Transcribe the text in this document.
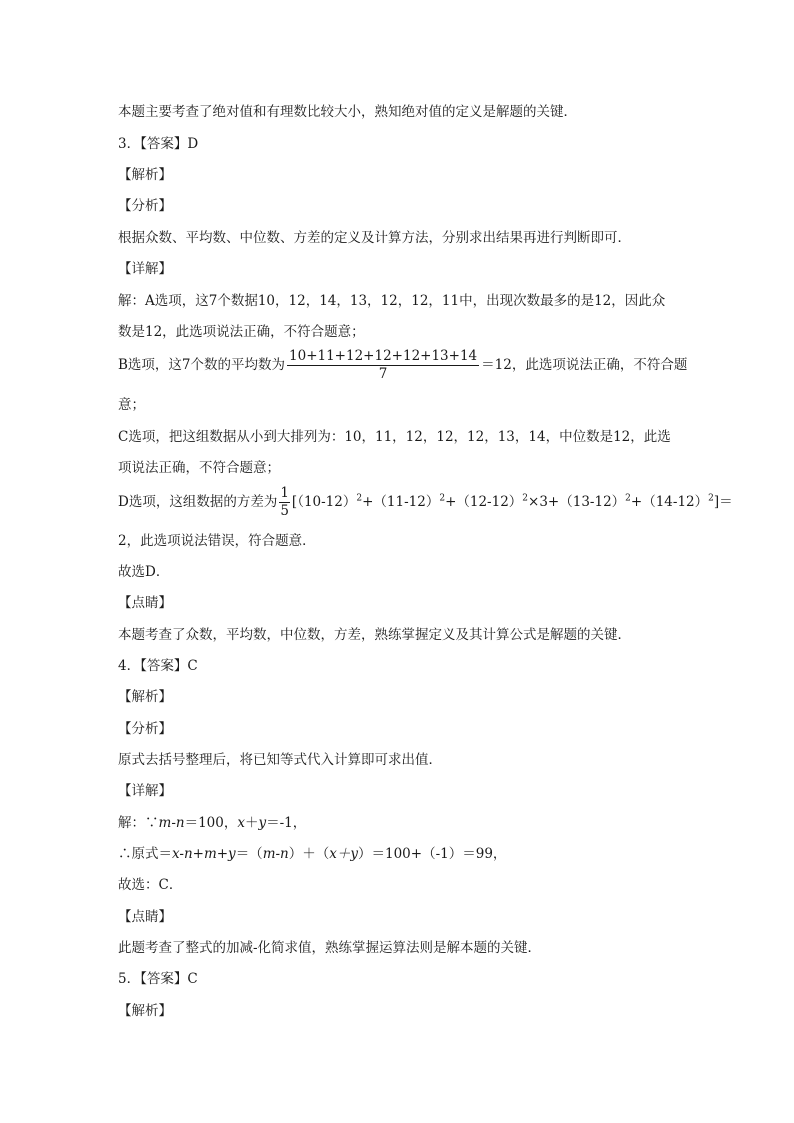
本题主要考查了绝对值和有理数比较大小，熟知绝对值的定义是解题的关键．
3．【答案】D
【解析】
【分析】
根据众数、平均数、中位数、方差的定义及计算方法，分别求出结果再进行判断即可．
【详解】
解：A选项，这7个数据10，12，14，13，12，12，11中，出现次数最多的是12，因此众
数是12，此选项说法正确，不符合题意；
B选项，这7个数的平均数为 $\frac{10+11+12+12+12+13+14}{7} =12$，此选项说法正确，不符合题
意；
C选项，把这组数据从小到大排列为：10，11，12，12，12，13，14，中位数是12，此选
项说法正确，不符合题意；
D选项，这组数据的方差为 $\frac{1}{5} [(10-12)^2+(11-12)^2+(12-12)^2\times 3+(13-12)^2+(14-12)^2]=$
2，此选项说法错误，符合题意．
故选D．
【点睛】
本题考查了众数，平均数，中位数，方差，熟练掌握定义及其计算公式是解题的关键．
4．【答案】C
【解析】
【分析】
原式去括号整理后，将已知等式代入计算即可求出值．
【详解】
解：∵m-n＝100，x＋y＝-1，
∴原式＝x-n+m+y＝（m-n）＋（x＋y）＝100+（-1）＝99，
故选：C．
【点睛】
此题考查了整式的加减-化简求值，熟练掌握运算法则是解本题的关键．
5．【答案】C
【解析】
